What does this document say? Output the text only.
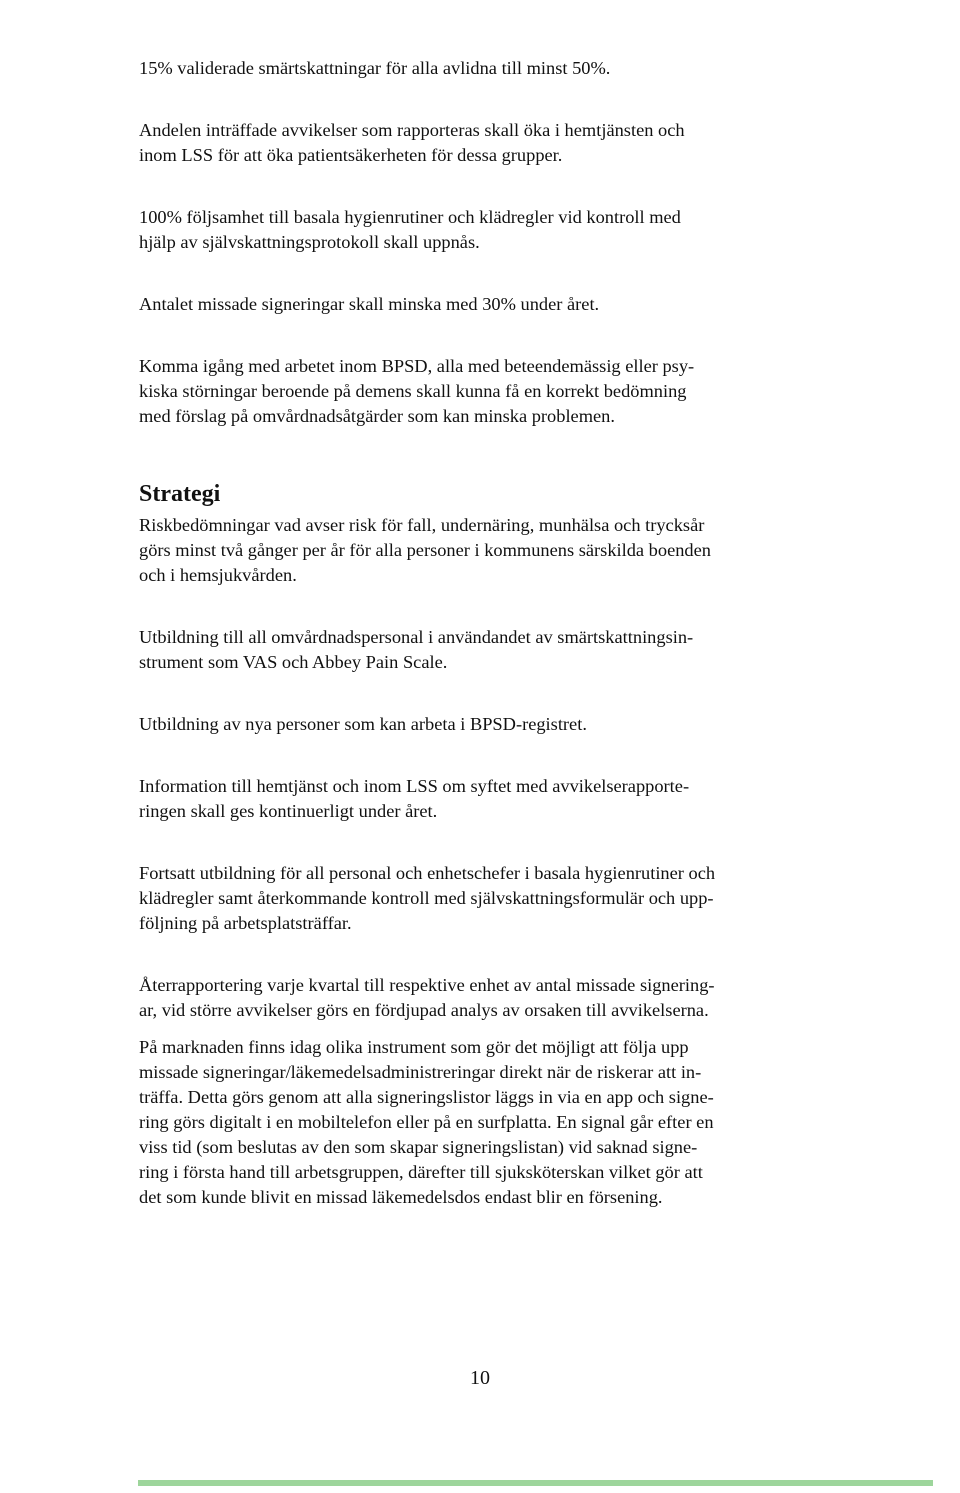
15% validerade smärtskattningar för alla avlidna till minst 50%.

Andelen inträffade avvikelser som rapporteras skall öka i hemtjänsten och
inom LSS för att öka patientsäkerheten för dessa grupper.

100% följsamhet till basala hygienrutiner och klädregler vid kontroll med
hjälp av självskattningsprotokoll skall uppnås.

Antalet missade signeringar skall minska med 30% under året.

Komma igång med arbetet inom BPSD, alla med beteendemässig eller psy-
kiska störningar beroende på demens skall kunna få en korrekt bedömning
med förslag på omvårdnadsåtgärder som kan minska problemen.

Strategi

Riskbedömningar vad avser risk för fall, undernäring, munhälsa och trycksår
görs minst två gånger per år för alla personer i kommunens särskilda boenden
och i hemsjukvården.

Utbildning till all omvårdnadspersonal i användandet av smärtskattningsin-
strument som VAS och Abbey Pain Scale.

Utbildning av nya personer som kan arbeta i BPSD-registret.

Information till hemtjänst och inom LSS om syftet med avvikelserapporte-
ringen skall ges kontinuerligt under året.

Fortsatt utbildning för all personal och enhetschefer i basala hygienrutiner och
klädregler samt återkommande kontroll med självskattningsformulär och upp-
följning på arbetsplatsträffar.

Återrapportering varje kvartal till respektive enhet av antal missade signering-
ar, vid större avvikelser görs en fördjupad analys av orsaken till avvikelserna.

På marknaden finns idag olika instrument som gör det möjligt att följa upp
missade signeringar/läkemedelsadministreringar direkt när de riskerar att in-
träffa. Detta görs genom att alla signeringslistor läggs in via en app och signe-
ring görs digitalt i en mobiltelefon eller på en surfplatta. En signal går efter en
viss tid (som beslutas av den som skapar signeringslistan) vid saknad signe-
ring i första hand till arbetsgruppen, därefter till sjuksköterskan vilket gör att
det som kunde blivit en missad läkemedelsdos endast blir en försening.

10
